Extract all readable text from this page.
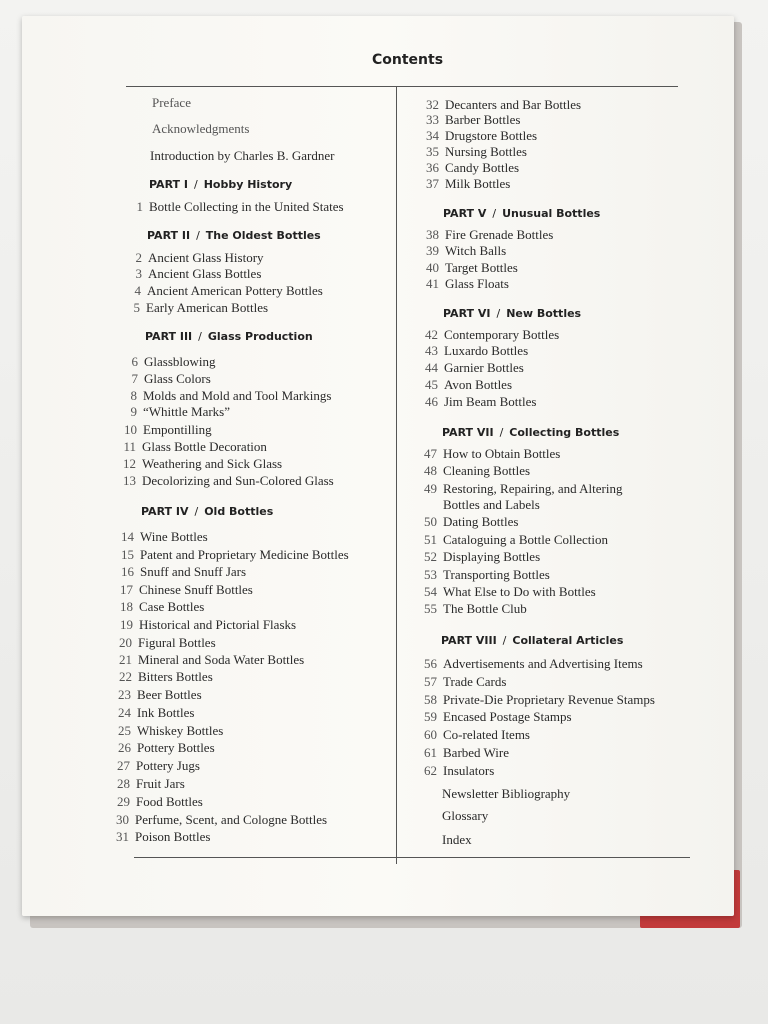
Contents
Preface
Acknowledgments
Introduction by Charles B. Gardner
PART I / Hobby History
1 Bottle Collecting in the United States
PART II / The Oldest Bottles
2 Ancient Glass History
3 Ancient Glass Bottles
4 Ancient American Pottery Bottles
5 Early American Bottles
PART III / Glass Production
6 Glassblowing
7 Glass Colors
8 Molds and Mold and Tool Markings
9 “Whittle Marks”
10 Empontilling
11 Glass Bottle Decoration
12 Weathering and Sick Glass
13 Decolorizing and Sun-Colored Glass
PART IV / Old Bottles
14 Wine Bottles
15 Patent and Proprietary Medicine Bottles
16 Snuff and Snuff Jars
17 Chinese Snuff Bottles
18 Case Bottles
19 Historical and Pictorial Flasks
20 Figural Bottles
21 Mineral and Soda Water Bottles
22 Bitters Bottles
23 Beer Bottles
24 Ink Bottles
25 Whiskey Bottles
26 Pottery Bottles
27 Pottery Jugs
28 Fruit Jars
29 Food Bottles
30 Perfume, Scent, and Cologne Bottles
31 Poison Bottles
32 Decanters and Bar Bottles
33 Barber Bottles
34 Drugstore Bottles
35 Nursing Bottles
36 Candy Bottles
37 Milk Bottles
PART V / Unusual Bottles
38 Fire Grenade Bottles
39 Witch Balls
40 Target Bottles
41 Glass Floats
PART VI / New Bottles
42 Contemporary Bottles
43 Luxardo Bottles
44 Garnier Bottles
45 Avon Bottles
46 Jim Beam Bottles
PART VII / Collecting Bottles
47 How to Obtain Bottles
48 Cleaning Bottles
49 Restoring, Repairing, and Altering
Bottles and Labels
50 Dating Bottles
51 Cataloguing a Bottle Collection
52 Displaying Bottles
53 Transporting Bottles
54 What Else to Do with Bottles
55 The Bottle Club
PART VIII / Collateral Articles
56 Advertisements and Advertising Items
57 Trade Cards
58 Private-Die Proprietary Revenue Stamps
59 Encased Postage Stamps
60 Co-related Items
61 Barbed Wire
62 Insulators
Newsletter Bibliography
Glossary
Index
